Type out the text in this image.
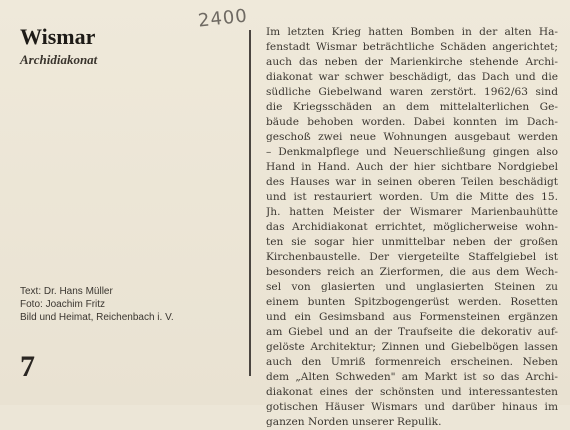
Wismar
Archidiakonat
2400
Text: Dr. Hans Müller
Foto: Joachim Fritz
Bild und Heimat, Reichenbach i. V.
7
Im letzten Krieg hatten Bomben in der alten Ha-
fenstadt Wismar beträchtliche Schäden angerichtet;
auch das neben der Marienkirche stehende Archi-
diakonat war schwer beschädigt, das Dach und die
südliche Giebelwand waren zerstört. 1962/63 sind
die Kriegsschäden an dem mittelalterlichen Ge-
bäude behoben worden. Dabei konnten im Dach-
geschoß zwei neue Wohnungen ausgebaut werden
– Denkmalpflege und Neuerschließung gingen also
Hand in Hand. Auch der hier sichtbare Nordgiebel
des Hauses war in seinen oberen Teilen beschädigt
und ist restauriert worden. Um die Mitte des 15.
Jh. hatten Meister der Wismarer Marienbauhütte
das Archidiakonat errichtet, möglicherweise wohn-
ten sie sogar hier unmittelbar neben der großen
Kirchenbaustelle. Der viergeteilte Staffelgiebel ist
besonders reich an Zierformen, die aus dem Wech-
sel von glasierten und unglasierten Steinen zu
einem bunten Spitzbogengerüst werden. Rosetten
und ein Gesimsband aus Formensteinen ergänzen
am Giebel und an der Traufseite die dekorativ auf-
gelöste Architektur; Zinnen und Giebelbögen lassen
auch den Umriß formenreich erscheinen. Neben
dem „Alten Schweden" am Markt ist so das Archi-
diakonat eines der schönsten und interessantesten
gotischen Häuser Wismars und darüber hinaus im
ganzen Norden unserer Repulik.
